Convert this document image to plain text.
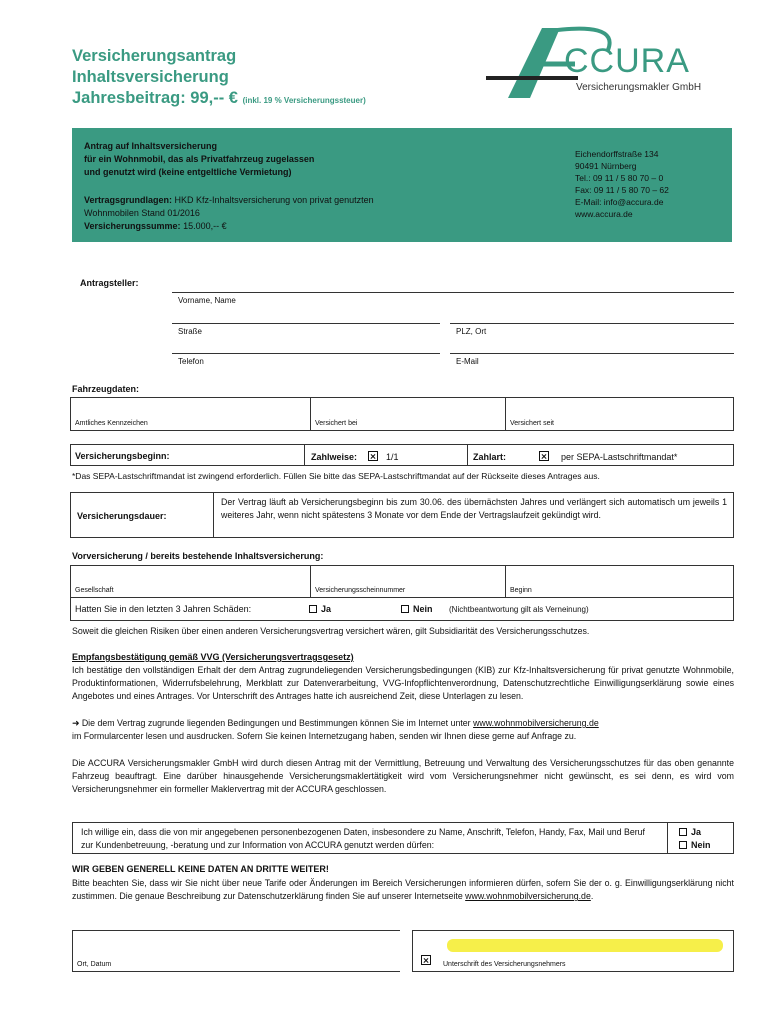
Versicherungsantrag
Inhaltsversicherung
Jahresbeitrag: 99,-- € (inkl. 19 % Versicherungssteuer)
CCURA
Versicherungsmakler GmbH
Antrag auf Inhaltsversicherung
für ein Wohnmobil, das als Privatfahrzeug zugelassen
und genutzt wird (keine entgeltliche Vermietung)
Vertragsgrundlagen: HKD Kfz-Inhaltsversicherung von privat genutzten
Wohnmobilen Stand 01/2016
Versicherungssumme: 15.000,-- €
Eichendorffstraße 134
90491 Nürnberg
Tel.: 09 11 / 5 80 70 – 0
Fax: 09 11 / 5 80 70 – 62
E-Mail: info@accura.de
www.accura.de
Antragsteller:
Vorname, Name
Straße	PLZ, Ort
Telefon	E-Mail
Fahrzeugdaten:
Amtliches Kennzeichen	Versichert bei	Versichert seit
Versicherungsbeginn:	Zahlweise:	1/1	Zahlart:	per SEPA-Lastschriftmandat*
*Das SEPA-Lastschriftmandat ist zwingend erforderlich. Füllen Sie bitte das SEPA-Lastschriftmandat auf der Rückseite dieses Antrages aus.
Versicherungsdauer:
Der Vertrag läuft ab Versicherungsbeginn bis zum 30.06. des übernächsten Jahres und verlängert sich automatisch um jeweils 1 weiteres Jahr, wenn nicht spätestens 3 Monate vor dem Ende der Vertragslaufzeit gekündigt wird.
Vorversicherung / bereits bestehende Inhaltsversicherung:
Gesellschaft	Versicherungsscheinnummer	Beginn
Hatten Sie in den letzten 3 Jahren Schäden:	Ja	Nein (Nichtbeantwortung gilt als Verneinung)
Soweit die gleichen Risiken über einen anderen Versicherungsvertrag versichert wären, gilt Subsidiarität des Versicherungsschutzes.
Empfangsbestätigung gemäß VVG (Versicherungsvertragsgesetz)
Ich bestätige den vollständigen Erhalt der dem Antrag zugrundeliegenden Versicherungsbedingungen (KIB) zur Kfz-Inhaltsversicherung für privat genutzte Wohnmobile, Produktinformationen, Widerrufsbelehrung, Merkblatt zur Datenverarbeitung, VVG-Infopflichtenverordnung, Datenschutzrechtliche Einwilligungserklärung sowie eines Angebotes und eines Antrages. Vor Unterschrift des Antrages hatte ich ausreichend Zeit, diese Unterlagen zu lesen.
➜ Die dem Vertrag zugrunde liegenden Bedingungen und Bestimmungen können Sie im Internet unter www.wohnmobilversicherung.de
im Formularcenter lesen und ausdrucken. Sofern Sie keinen Internetzugang haben, senden wir Ihnen diese gerne auf Anfrage zu.
Die ACCURA Versicherungsmakler GmbH wird durch diesen Antrag mit der Vermittlung, Betreuung und Verwaltung des Versicherungsschutzes für das oben genannte Fahrzeug beauftragt. Eine darüber hinausgehende Versicherungsmaklertätigkeit wird vom Versicherungsnehmer nicht gewünscht, es sei denn, es wird vom Versicherungsnehmer ein formeller Maklervertrag mit der ACCURA geschlossen.
Ich willige ein, dass die von mir angegebenen personenbezogenen Daten, insbesondere zu Name, Anschrift, Telefon, Handy, Fax, Mail und Beruf zur Kundenbetreuung, -beratung und zur Information von ACCURA genutzt werden dürfen:
Ja
Nein
WIR GEBEN GENERELL KEINE DATEN AN DRITTE WEITER!
Bitte beachten Sie, dass wir Sie nicht über neue Tarife oder Änderungen im Bereich Versicherungen informieren dürfen, sofern Sie der o. g. Einwilligungserklärung nicht zustimmen. Die genaue Beschreibung zur Datenschutzerklärung finden Sie auf unserer Internetseite www.wohnmobilversicherung.de.
Ort, Datum	Unterschrift des Versicherungsnehmers
